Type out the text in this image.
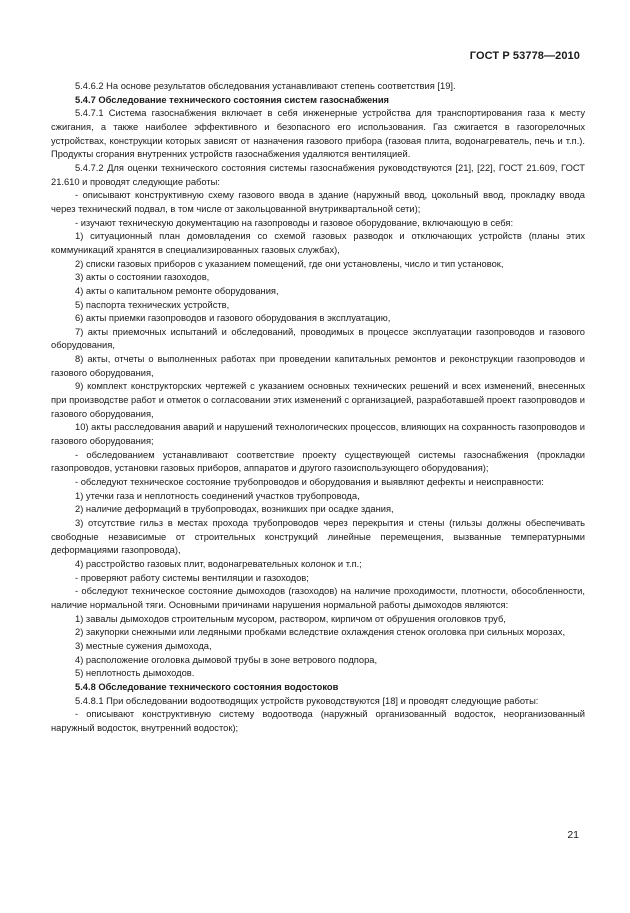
ГОСТ Р 53778—2010

5.4.6.2 На основе результатов обследования устанавливают степень соответствия [19].

5.4.7 Обследование технического состояния систем газоснабжения

5.4.7.1 Система газоснабжения включает в себя инженерные устройства для транспортирования газа к месту сжигания, а также наиболее эффективного и безопасного его использования. Газ сжигается в газогорелочных устройствах, конструкции которых зависят от назначения газового прибора (газовая плита, водонагреватель, печь и т.п.). Продукты сгорания внутренних устройств газоснабжения удаляются вентиляцией.

5.4.7.2 Для оценки технического состояния системы газоснабжения руководствуются [21], [22], ГОСТ 21.609, ГОСТ 21.610 и проводят следующие работы:

- описывают конструктивную схему газового ввода в здание (наружный ввод, цокольный ввод, прокладку ввода через технический подвал, в том числе от закольцованной внутриквартальной сети);

- изучают техническую документацию на газопроводы и газовое оборудование, включающую в себя:

1) ситуационный план домовладения со схемой газовых разводок и отключающих устройств (планы этих коммуникаций хранятся в специализированных газовых службах),

2) списки газовых приборов с указанием помещений, где они установлены, число и тип установок,

3) акты о состоянии газоходов,

4) акты о капитальном ремонте оборудования,

5) паспорта технических устройств,

6) акты приемки газопроводов и газового оборудования в эксплуатацию,

7) акты приемочных испытаний и обследований, проводимых в процессе эксплуатации газопроводов и газового оборудования,

8) акты, отчеты о выполненных работах при проведении капитальных ремонтов и реконструкции газопроводов и газового оборудования,

9) комплект конструкторских чертежей с указанием основных технических решений и всех изменений, внесенных при производстве работ и отметок о согласовании этих изменений с организацией, разработавшей проект газопроводов и газового оборудования,

10) акты расследования аварий и нарушений технологических процессов, влияющих на сохранность газопроводов и газового оборудования;

- обследованием устанавливают соответствие проекту существующей системы газоснабжения (прокладки газопроводов, установки газовых приборов, аппаратов и другого газоиспользующего оборудования);

- обследуют техническое состояние трубопроводов и оборудования и выявляют дефекты и неисправности:

1) утечки газа и неплотность соединений участков трубопровода,

2) наличие деформаций в трубопроводах, возникших при осадке здания,

3) отсутствие гильз в местах прохода трубопроводов через перекрытия и стены (гильзы должны обеспечивать свободные независимые от строительных конструкций линейные перемещения, вызванные температурными деформациями газопровода),

4) расстройство газовых плит, водонагревательных колонок и т.п.;

- проверяют работу системы вентиляции и газоходов;

- обследуют техническое состояние дымоходов (газоходов) на наличие проходимости, плотности, обособленности, наличие нормальной тяги. Основными причинами нарушения нормальной работы дымоходов являются:

1) завалы дымоходов строительным мусором, раствором, кирпичом от обрушения оголовков труб,

2) закупорки снежными или ледяными пробками вследствие охлаждения стенок оголовка при сильных морозах,

3) местные сужения дымохода,

4) расположение оголовка дымовой трубы в зоне ветрового подпора,

5) неплотность дымоходов.

5.4.8 Обследование технического состояния водостоков

5.4.8.1 При обследовании водоотводящих устройств руководствуются [18] и проводят следующие работы:

- описывают конструктивную систему водоотвода (наружный организованный водосток, неорганизованный наружный водосток, внутренний водосток);

21
